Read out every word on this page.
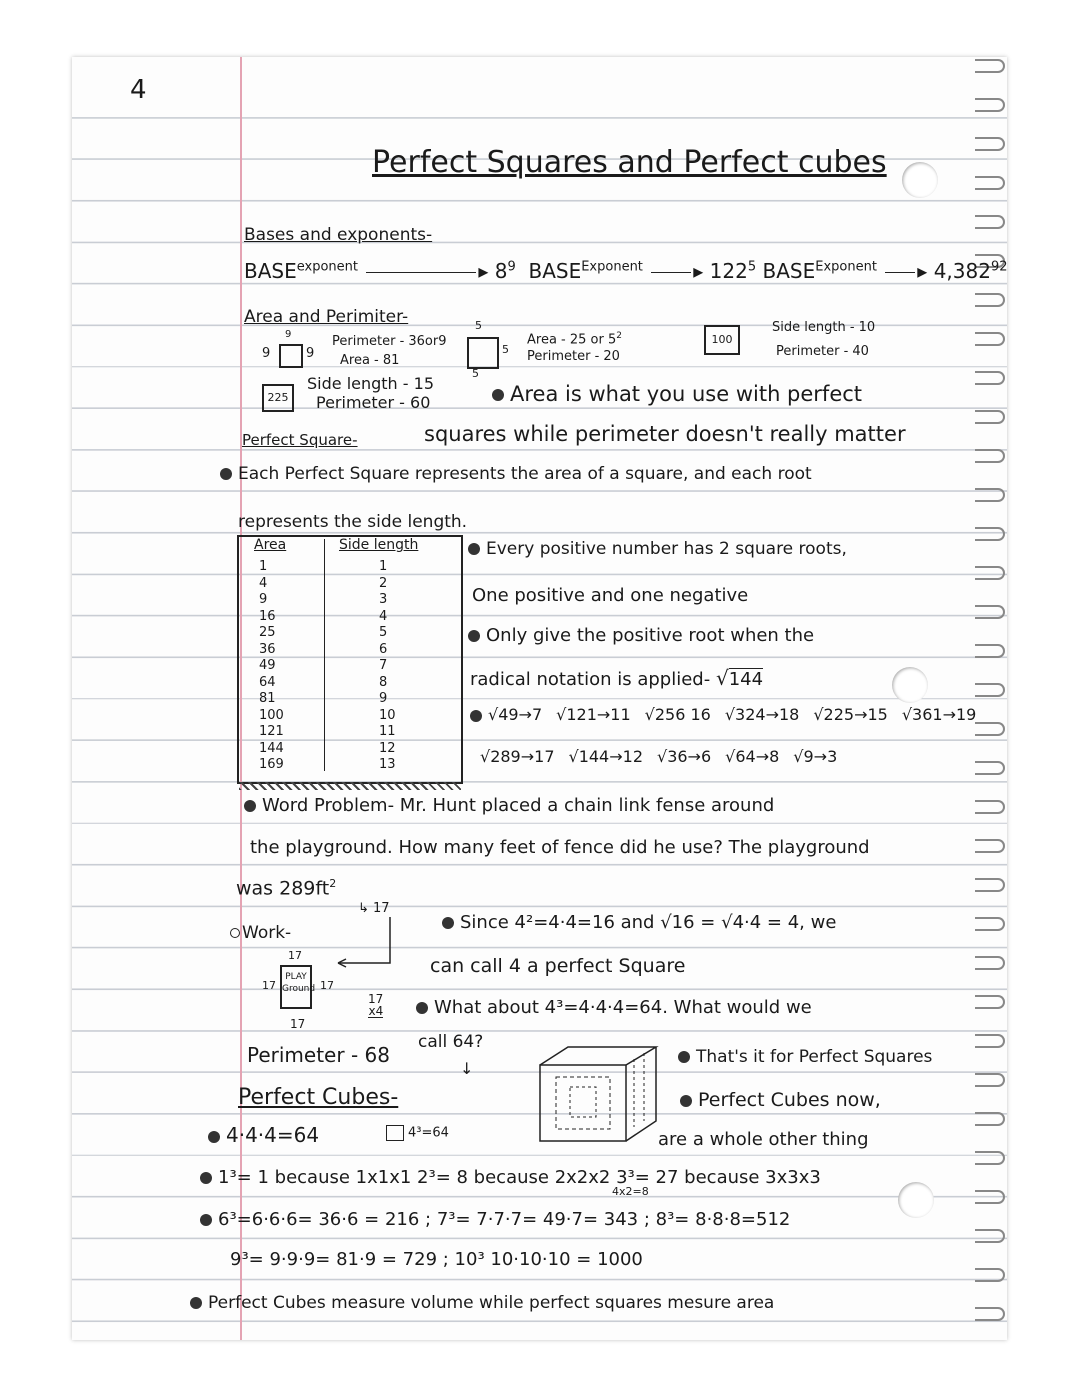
4
Perfect Squares and Perfect cubes
Bases and exponents-
$BASE^{exponent}$	▸ $8^9$ $BASE^{Exponent}$	▸ $122^5$ $BASE^{Exponent}$ ▸ 4,382$^{92}$
Area and Perimiter-
9
9
9
Perimeter - 36or9
Area - 81
5
5
5
Area - 25 or $5^2$
Perimeter - 20
100
Side length - 10
Perimeter - 40
225
Side length - 15
Perimeter - 60	Area is what you use with perfect
squares while perimeter doesn't really matter
Perfect Square-
Each Perfect Square represents the area of a square, and each root
represents the side length.
Area	Side length
1	1
4	2
9	3
16	4
25	5
36	6
49	7
64	8
81	9
100	10
121	11
144	12
169	13
Every positive number has 2 square roots,
One positive and one negative
Only give the positive root when the
radical notation is applied- √144
√49→7 √121→11 √256 16 √324→18 √225→15 √361→19
√289→17 √144→12 √36→6 √64→8 √9→3
Word Problem- Mr. Hunt placed a chain link fense around
the playground. How many feet of fence did he use? The playground
was $289ft^2$
↳ 17
Work-
17
PLAY
Ground
17	17
17
17
x4
Perimeter - 68
Since 4²=4·4=16 and √16 = √4·4 = 4, we
can call 4 a perfect Square
What about 4³=4·4·4=64. What would we
call 64?
↓
That's it for Perfect Squares
Perfect Cubes now,
are a whole other thing
Perfect Cubes-
4·4·4=64	4³=64
1³= 1 because 1x1x1 2³= 8 because 2x2x2 3³= 27 because 3x3x3
4x2=8
6³=6·6·6= 36·6 = 216 ; 7³= 7·7·7= 49·7= 343 ; 8³= 8·8·8=512
9³= 9·9·9= 81·9 = 729 ; 10³ 10·10·10 = 1000
Perfect Cubes measure volume while perfect squares mesure area
